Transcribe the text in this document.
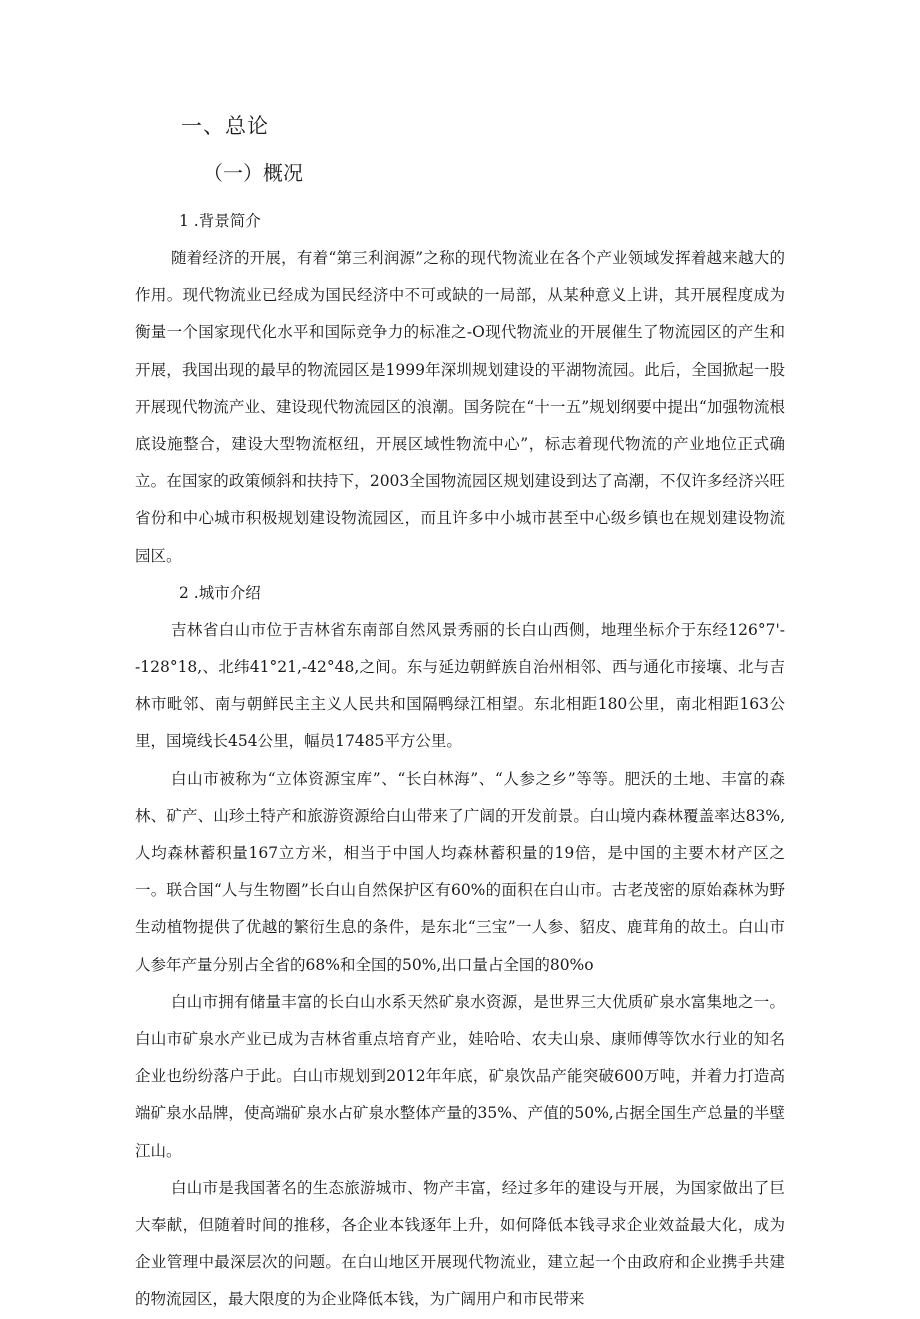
一、总论
（一）概况

1 .背景简介

随着经济的开展，有着“第三利润源”之称的现代物流业在各个产业领域发挥着越来越大的作用。现代物流业已经成为国民经济中不可或缺的一局部，从某种意义上讲，其开展程度成为衡量一个国家现代化水平和国际竞争力的标准之-O现代物流业的开展催生了物流园区的产生和开展，我国出现的最早的物流园区是1999年深圳规划建设的平湖物流园。此后，全国掀起一股开展现代物流产业、建设现代物流园区的浪潮。国务院在“十一五”规划纲要中提出“加强物流根底设施整合，建设大型物流枢纽，开展区域性物流中心”，标志着现代物流的产业地位正式确立。在国家的政策倾斜和扶持下，2003全国物流园区规划建设到达了高潮，不仅许多经济兴旺省份和中心城市积极规划建设物流园区，而且许多中小城市甚至中心级乡镇也在规划建设物流园区。

2 .城市介绍

吉林省白山市位于吉林省东南部自然风景秀丽的长白山西侧，地理坐标介于东经126°7'--128°18,、北纬41°21,-42°48,之间。东与延边朝鲜族自治州相邻、西与通化市接壤、北与吉林市毗邻、南与朝鲜民主主义人民共和国隔鸭绿江相望。东北相距180公里，南北相距163公里，国境线长454公里，幅员17485平方公里。

白山市被称为“立体资源宝库”、“长白林海”、“人参之乡”等等。肥沃的土地、丰富的森林、矿产、山珍土特产和旅游资源给白山带来了广阔的开发前景。白山境内森林覆盖率达83%,人均森林蓄积量167立方米，相当于中国人均森林蓄积量的19倍，是中国的主要木材产区之一。联合国“人与生物圈”长白山自然保护区有60%的面积在白山市。古老茂密的原始森林为野生动植物提供了优越的繁衍生息的条件，是东北“三宝”一人参、貂皮、鹿茸角的故土。白山市人参年产量分别占全省的68%和全国的50%,出口量占全国的80%o

白山市拥有储量丰富的长白山水系天然矿泉水资源，是世界三大优质矿泉水富集地之一。白山市矿泉水产业已成为吉林省重点培育产业，娃哈哈、农夫山泉、康师傅等饮水行业的知名企业也纷纷落户于此。白山市规划到2012年年底，矿泉饮品产能突破600万吨，并着力打造高端矿泉水品牌，使高端矿泉水占矿泉水整体产量的35%、产值的50%,占据全国生产总量的半壁江山。

白山市是我国著名的生态旅游城市、物产丰富，经过多年的建设与开展，为国家做出了巨大奉献，但随着时间的推移，各企业本钱逐年上升，如何降低本钱寻求企业效益最大化，成为企业管理中最深层次的问题。在白山地区开展现代物流业，建立起一个由政府和企业携手共建的物流园区，最大限度的为企业降低本钱，为广阔用户和市民带来
